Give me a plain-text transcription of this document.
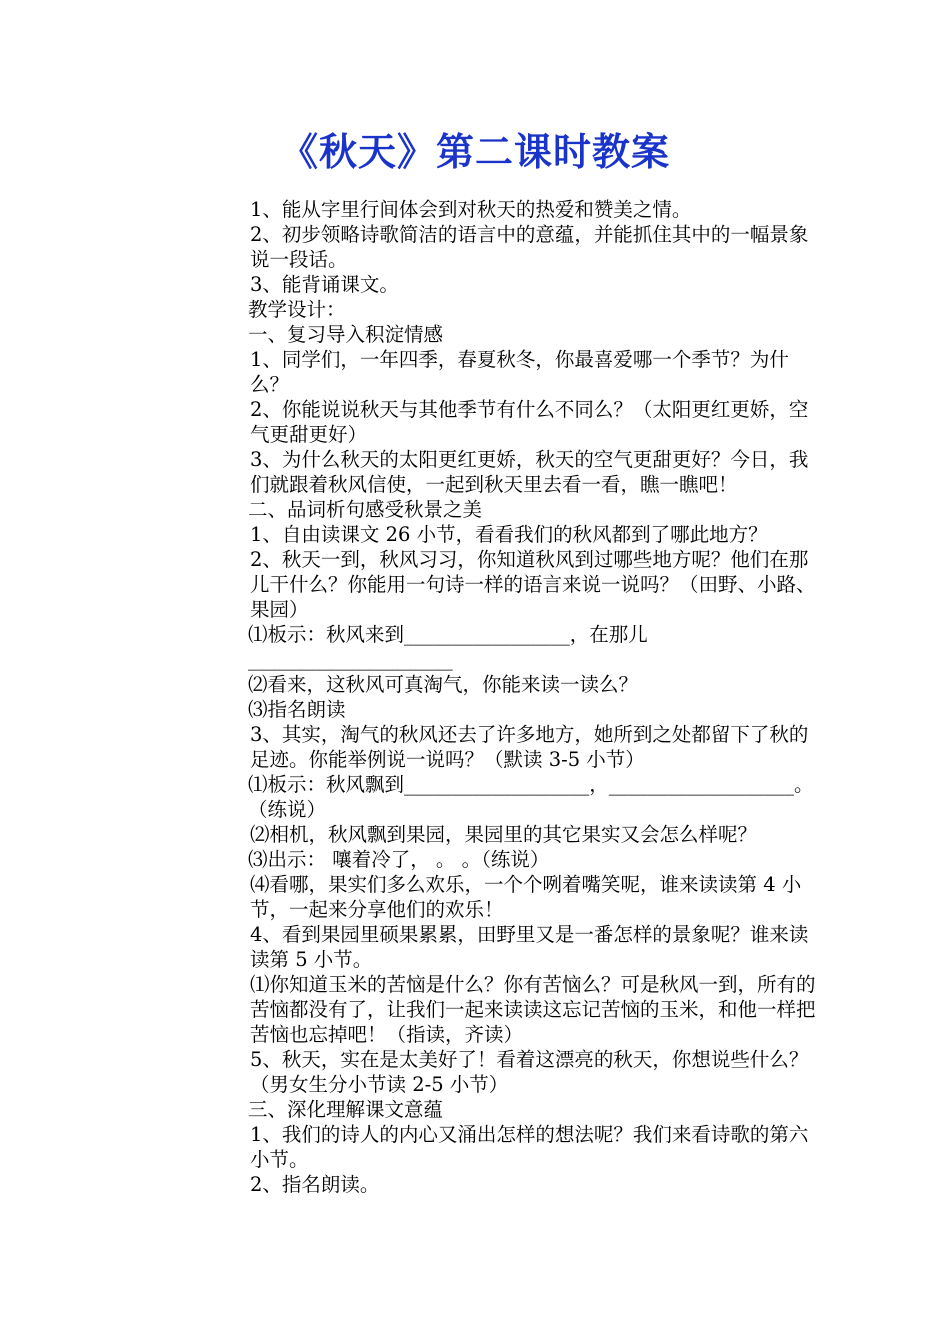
《秋天》第二课时教案

1、能从字里行间体会到对秋天的热爱和赞美之情。

2、初步领略诗歌简洁的语言中的意蕴，并能抓住其中的一幅景象说一段话。

3、能背诵课文。

教学设计：

一、复习导入积淀情感

1、同学们，一年四季，春夏秋冬，你最喜爱哪一个季节？为什么？

2、你能说说秋天与其他季节有什么不同么？（太阳更红更娇，空气更甜更好）

3、为什么秋天的太阳更红更娇，秋天的空气更甜更好？今日，我们就跟着秋风信使，一起到秋天里去看一看，瞧一瞧吧！

二、品词析句感受秋景之美

1、自由读课文 26 小节，看看我们的秋风都到了哪此地方？

2、秋天一到，秋风习习，你知道秋风到过哪些地方呢？他们在那儿干什么？你能用一句诗一样的语言来说一说吗？（田野、小路、果园）

⑴板示：秋风来到_________________，在那儿_____________________

⑵看来，这秋风可真淘气，你能来读一读么？

⑶指名朗读

3、其实，淘气的秋风还去了许多地方，她所到之处都留下了秋的足迹。你能举例说一说吗？（默读 3-5 小节）

⑴板示：秋风飘到___________________，___________________。（练说）

⑵相机，秋风飘到果园，果园里的其它果实又会怎么样呢？

⑶出示： 嚷着冷了， 。 。（练说）

⑷看哪，果实们多么欢乐，一个个咧着嘴笑呢，谁来读读第 4 小节，一起来分享他们的欢乐！

4、看到果园里硕果累累，田野里又是一番怎样的景象呢？谁来读读第 5 小节。

⑴你知道玉米的苦恼是什么？你有苦恼么？可是秋风一到，所有的苦恼都没有了，让我们一起来读读这忘记苦恼的玉米，和他一样把苦恼也忘掉吧！（指读，齐读）

5、秋天，实在是太美好了！看着这漂亮的秋天，你想说些什么？（男女生分小节读 2-5 小节）

三、深化理解课文意蕴

1、我们的诗人的内心又涌出怎样的想法呢？我们来看诗歌的第六小节。

2、指名朗读。
